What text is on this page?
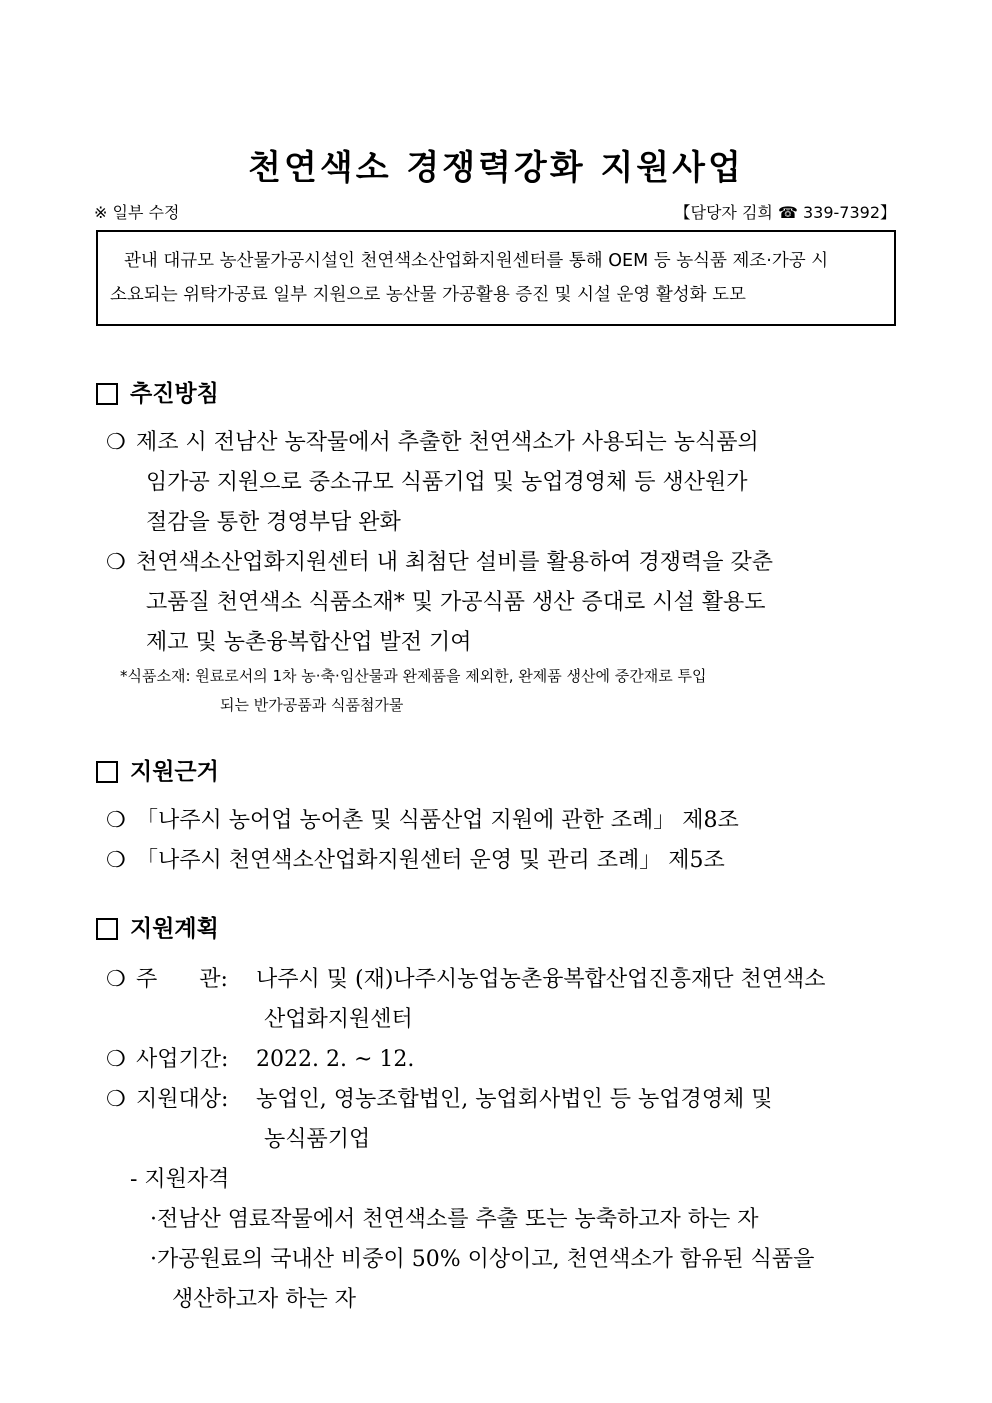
천연색소 경쟁력강화 지원사업
※ 일부 수정	【담당자 김희 ☎ 339-7392】
관내 대규모 농산물가공시설인 천연색소산업화지원센터를 통해 OEM 등 농식품 제조·가공 시
소요되는 위탁가공료 일부 지원으로 농산물 가공활용 증진 및 시설 운영 활성화 도모
추진방침
❍ 제조 시 전남산 농작물에서 추출한 천연색소가 사용되는 농식품의
임가공 지원으로 중소규모 식품기업 및 농업경영체 등 생산원가
절감을 통한 경영부담 완화
❍ 천연색소산업화지원센터 내 최첨단 설비를 활용하여 경쟁력을 갖춘
고품질 천연색소 식품소재* 및 가공식품 생산 증대로 시설 활용도
제고 및 농촌융복합산업 발전 기여
*식품소재: 원료로서의 1차 농·축·임산물과 완제품을 제외한, 완제품 생산에 중간재로 투입
되는 반가공품과 식품첨가물
지원근거
❍ 「나주시 농어업 농어촌 및 식품산업 지원에 관한 조례」 제8조
❍ 「나주시 천연색소산업화지원센터 운영 및 관리 조례」 제5조
지원계획
❍ 주      관: 나주시 및 (재)나주시농업농촌융복합산업진흥재단 천연색소
산업화지원센터
❍ 사업기간: 2022. 2. ~ 12.
❍ 지원대상: 농업인, 영농조합법인, 농업회사법인 등 농업경영체 및
농식품기업
- 지원자격
·전남산 염료작물에서 천연색소를 추출 또는 농축하고자 하는 자
·가공원료의 국내산 비중이 50% 이상이고, 천연색소가 함유된 식품을
생산하고자 하는 자
